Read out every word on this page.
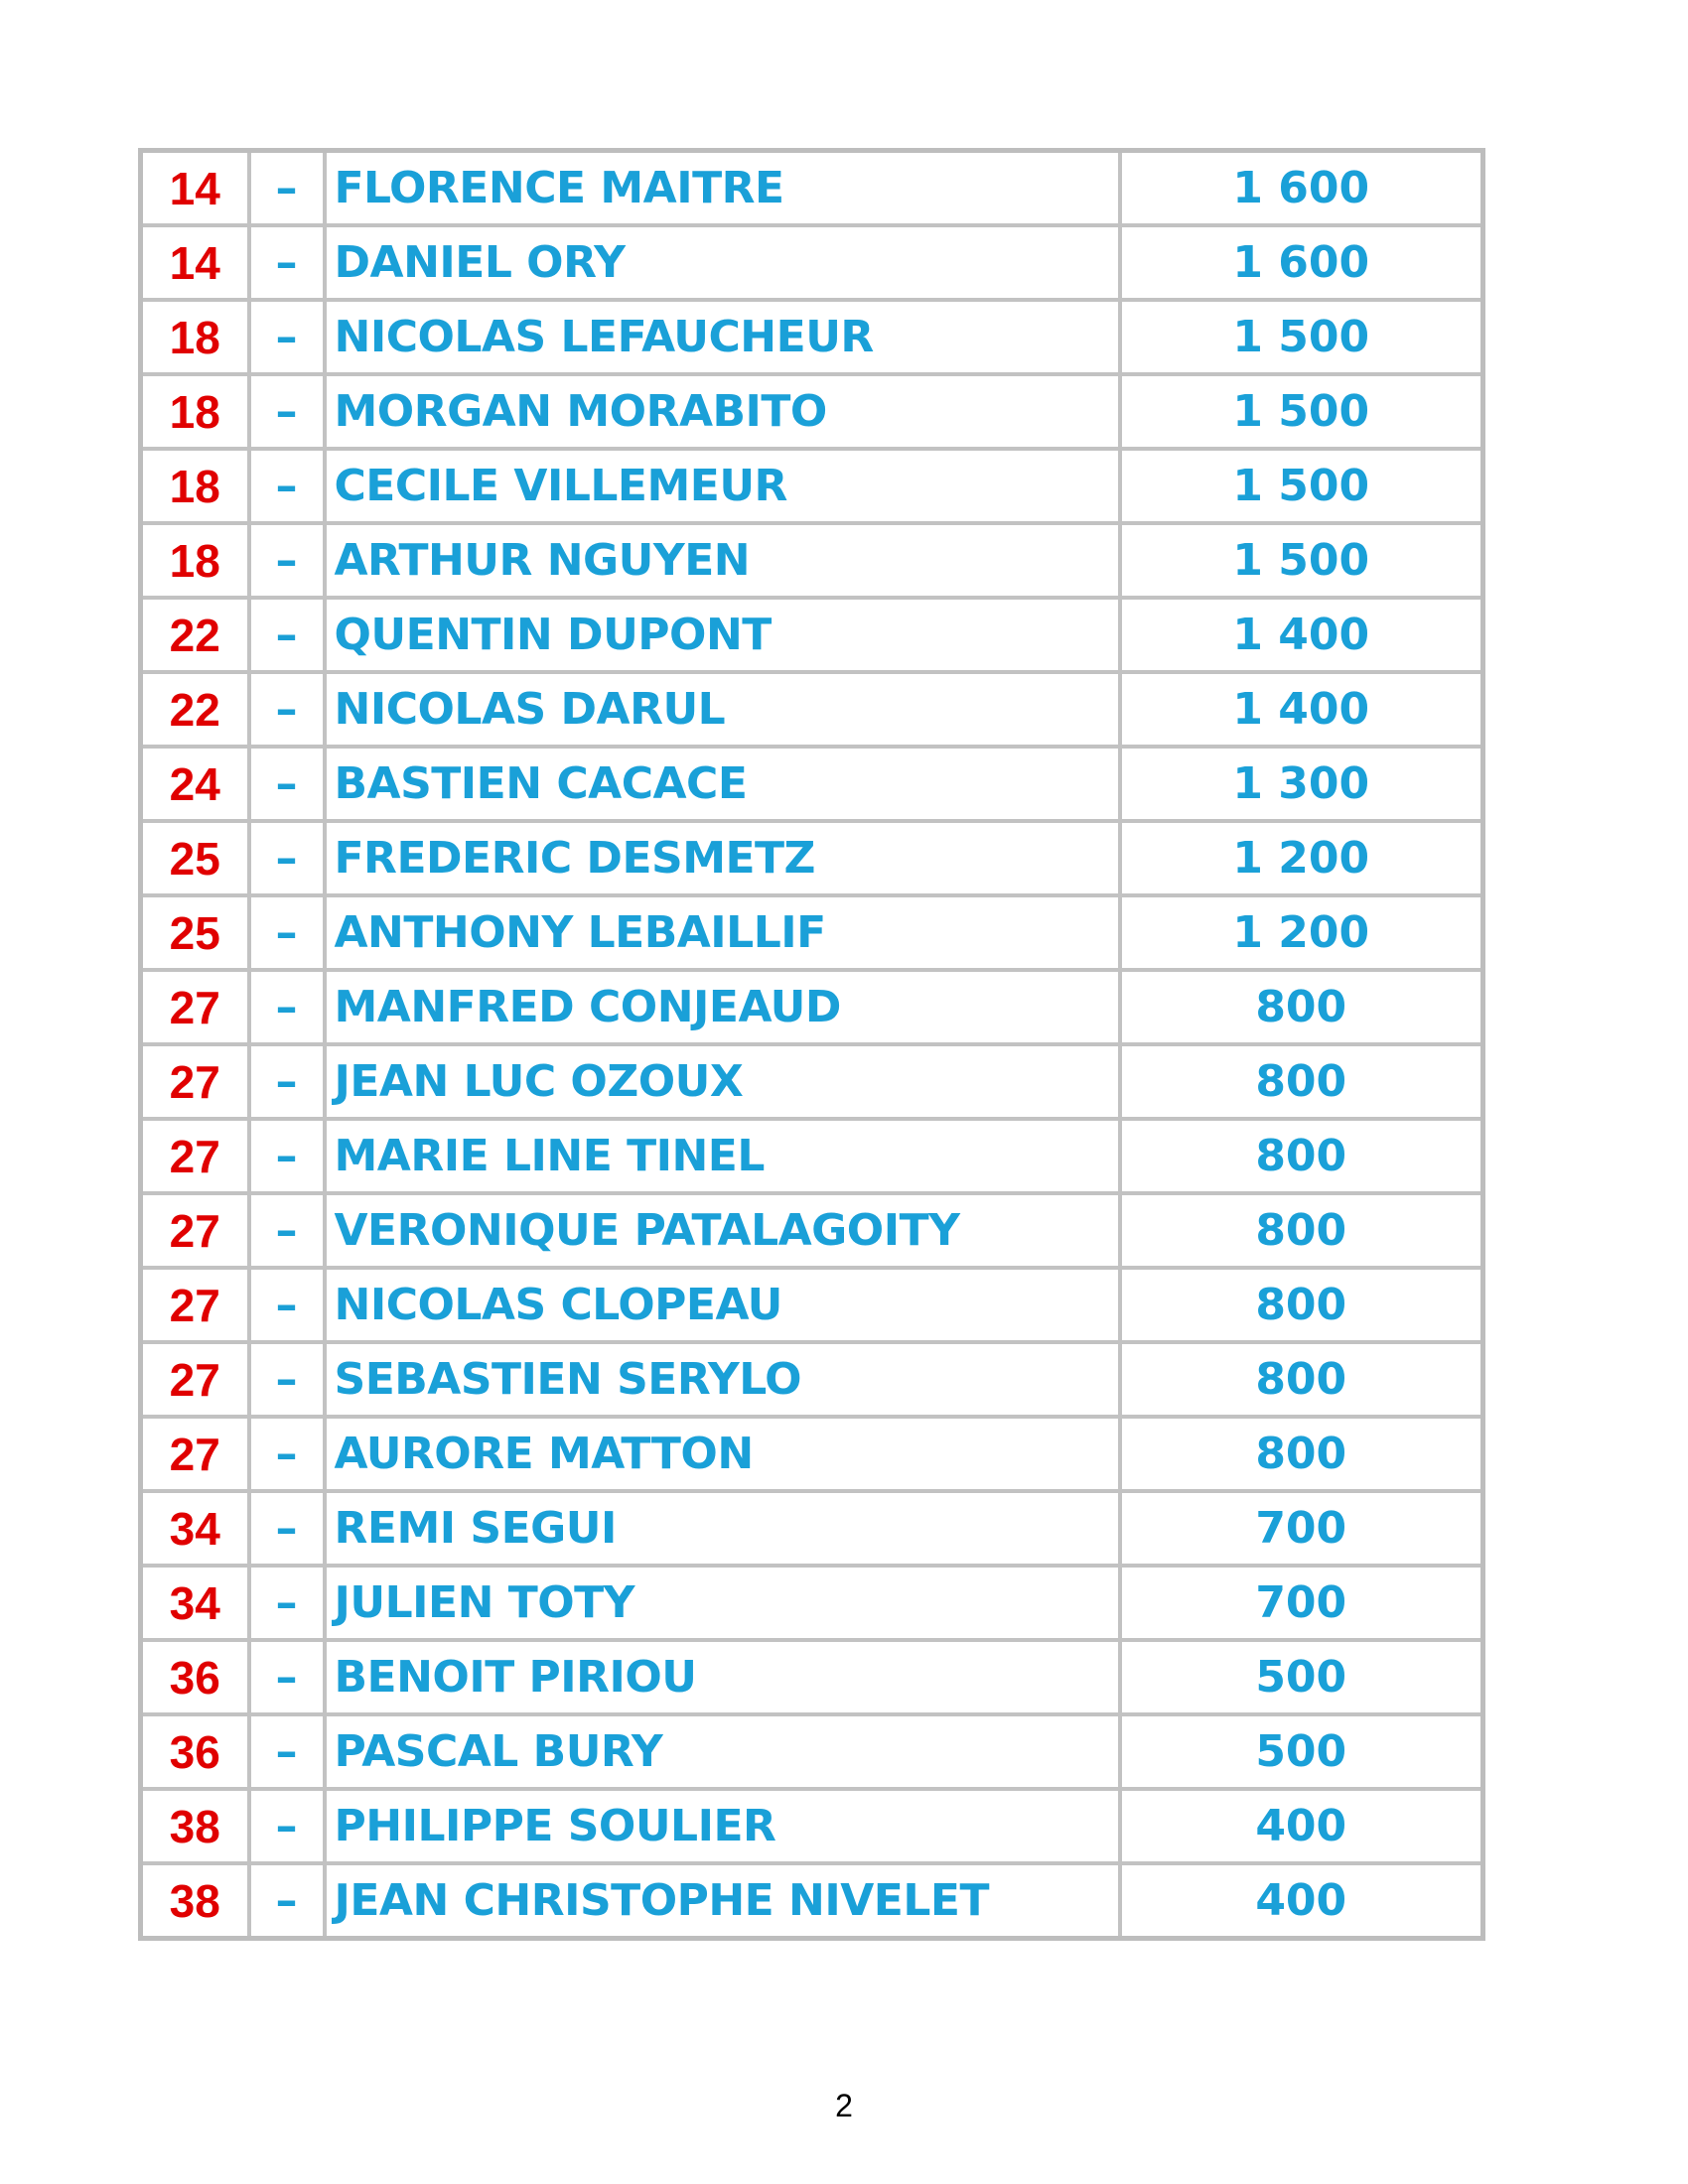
14	–	FLORENCE MAITRE	1 600
14	–	DANIEL ORY	1 600
18	–	NICOLAS LEFAUCHEUR	1 500
18	–	MORGAN MORABITO	1 500
18	–	CECILE VILLEMEUR	1 500
18	–	ARTHUR NGUYEN	1 500
22	–	QUENTIN DUPONT	1 400
22	–	NICOLAS DARUL	1 400
24	–	BASTIEN CACACE	1 300
25	–	FREDERIC DESMETZ	1 200
25	–	ANTHONY LEBAILLIF	1 200
27	–	MANFRED CONJEAUD	800
27	–	JEAN LUC OZOUX	800
27	–	MARIE LINE TINEL	800
27	–	VERONIQUE PATALAGOITY	800
27	–	NICOLAS CLOPEAU	800
27	–	SEBASTIEN SERYLO	800
27	–	AURORE MATTON	800
34	–	REMI SEGUI	700
34	–	JULIEN TOTY	700
36	–	BENOIT PIRIOU	500
36	–	PASCAL BURY	500
38	–	PHILIPPE SOULIER	400
38	–	JEAN CHRISTOPHE NIVELET	400
2
